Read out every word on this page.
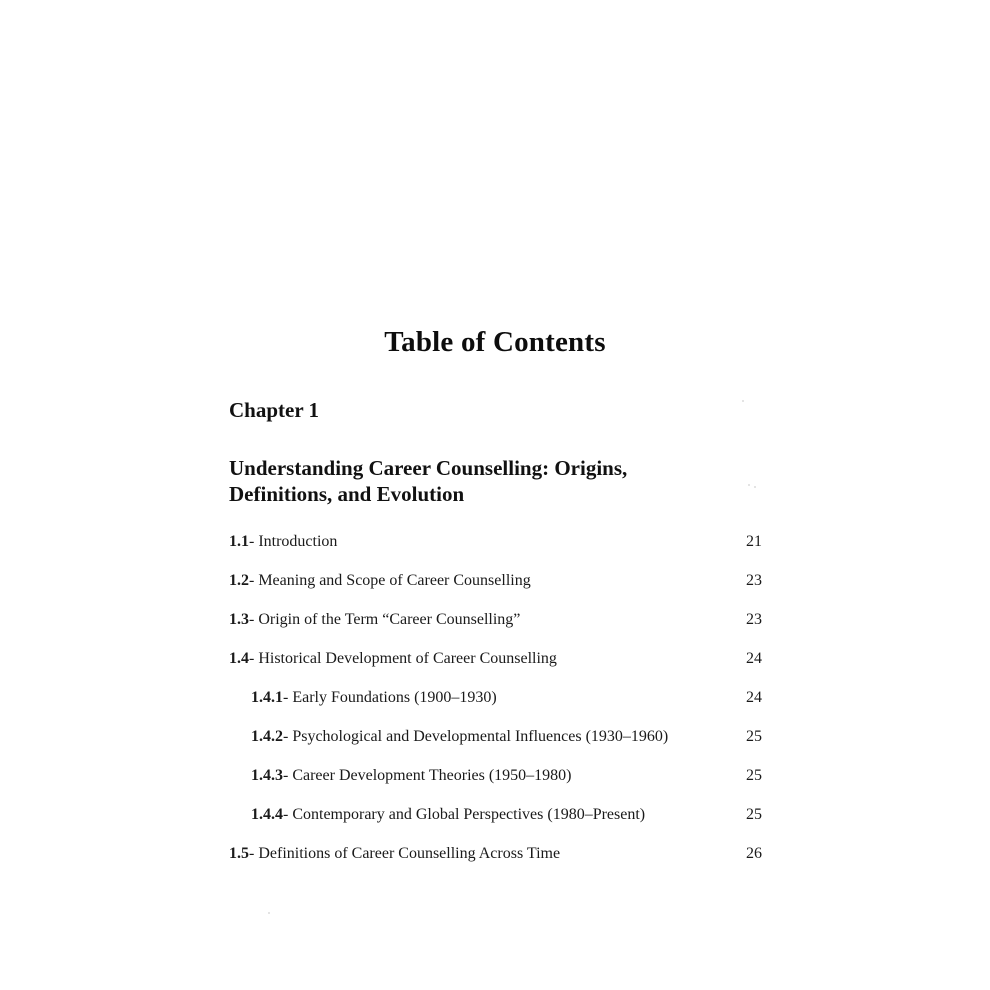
Table of Contents
Chapter 1
Understanding Career Counselling: Origins,
Definitions, and Evolution
1.1- Introduction	21
1.2- Meaning and Scope of Career Counselling	23
1.3- Origin of the Term “Career Counselling”	23
1.4- Historical Development of Career Counselling	24
1.4.1- Early Foundations (1900–1930)	24
1.4.2- Psychological and Developmental Influences (1930–1960)	25
1.4.3- Career Development Theories (1950–1980)	25
1.4.4- Contemporary and Global Perspectives (1980–Present)	25
1.5- Definitions of Career Counselling Across Time	26
